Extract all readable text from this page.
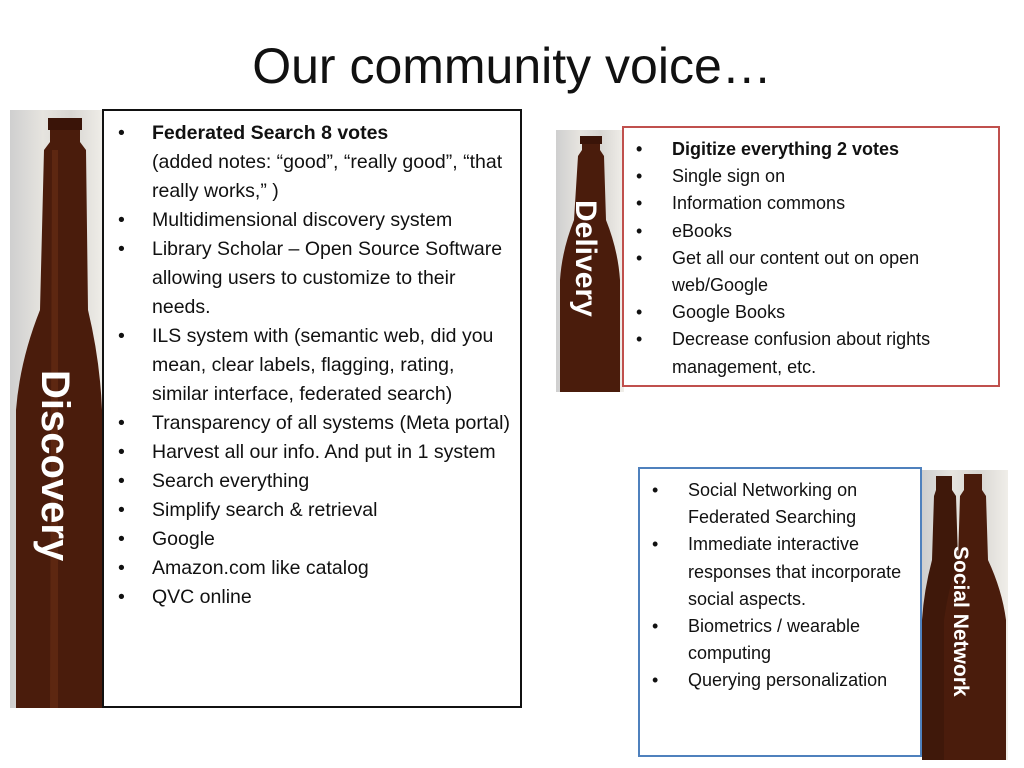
Our community voice…
Discovery
• Federated Search 8 votes
(added notes: “good”, “really good”, “that really works,” )
• Multidimensional discovery system
• Library Scholar – Open Source Software allowing users to customize to their needs.
• ILS system with (semantic web, did you mean, clear labels, flagging, rating, similar interface, federated search)
• Transparency of all systems (Meta portal)
• Harvest all our info. And put in 1 system
• Search everything
• Simplify search & retrieval
• Google
• Amazon.com like catalog
• QVC online
Delivery
• Digitize everything 2 votes
• Single sign on
• Information commons
• eBooks
• Get all our content out on open web/Google
• Google Books
• Decrease confusion about rights management, etc.
• Social Networking on Federated Searching
• Immediate interactive responses that incorporate social aspects.
• Biometrics / wearable computing
• Querying personalization	Social Network
